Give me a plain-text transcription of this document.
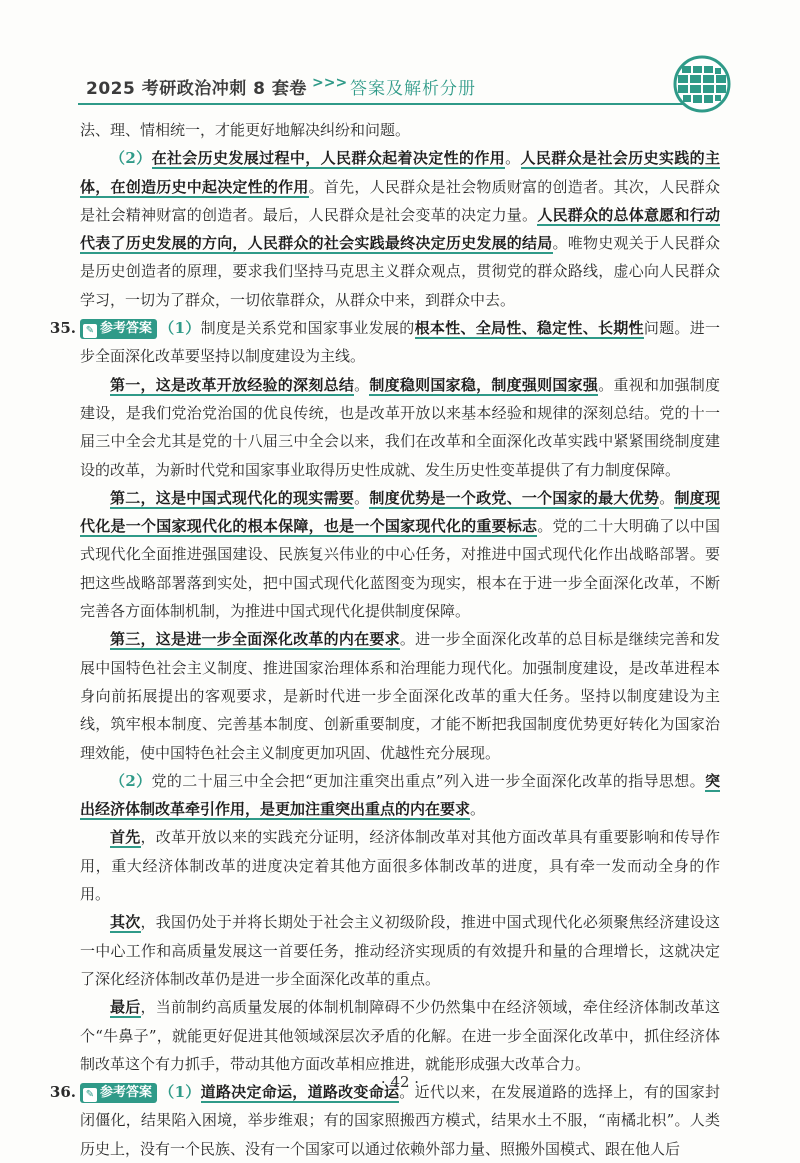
2025 考研政治冲刺 8 套卷 >>> 答案及解析分册

法、理、情相统一，才能更好地解决纠纷和问题。

（2）在社会历史发展过程中，人民群众起着决定性的作用。人民群众是社会历史实践的主体，在创造历史中起决定性的作用。首先，人民群众是社会物质财富的创造者。其次，人民群众是社会精神财富的创造者。最后，人民群众是社会变革的决定力量。人民群众的总体意愿和行动代表了历史发展的方向，人民群众的社会实践最终决定历史发展的结局。唯物史观关于人民群众是历史创造者的原理，要求我们坚持马克思主义群众观点，贯彻党的群众路线，虚心向人民群众学习，一切为了群众，一切依靠群众，从群众中来，到群众中去。

35. ✎ 参考答案 （1）制度是关系党和国家事业发展的根本性、全局性、稳定性、长期性问题。进一步全面深化改革要坚持以制度建设为主线。

第一，这是改革开放经验的深刻总结。制度稳则国家稳，制度强则国家强。重视和加强制度建设，是我们党治党治国的优良传统，也是改革开放以来基本经验和规律的深刻总结。党的十一届三中全会尤其是党的十八届三中全会以来，我们在改革和全面深化改革实践中紧紧围绕制度建设的改革，为新时代党和国家事业取得历史性成就、发生历史性变革提供了有力制度保障。

第二，这是中国式现代化的现实需要。制度优势是一个政党、一个国家的最大优势。制度现代化是一个国家现代化的根本保障，也是一个国家现代化的重要标志。党的二十大明确了以中国式现代化全面推进强国建设、民族复兴伟业的中心任务，对推进中国式现代化作出战略部署。要把这些战略部署落到实处，把中国式现代化蓝图变为现实，根本在于进一步全面深化改革，不断完善各方面体制机制，为推进中国式现代化提供制度保障。

第三，这是进一步全面深化改革的内在要求。进一步全面深化改革的总目标是继续完善和发展中国特色社会主义制度、推进国家治理体系和治理能力现代化。加强制度建设，是改革进程本身向前拓展提出的客观要求，是新时代进一步全面深化改革的重大任务。坚持以制度建设为主线，筑牢根本制度、完善基本制度、创新重要制度，才能不断把我国制度优势更好转化为国家治理效能，使中国特色社会主义制度更加巩固、优越性充分展现。

（2）党的二十届三中全会把“更加注重突出重点”列入进一步全面深化改革的指导思想。突出经济体制改革牵引作用，是更加注重突出重点的内在要求。

首先，改革开放以来的实践充分证明，经济体制改革对其他方面改革具有重要影响和传导作用，重大经济体制改革的进度决定着其他方面很多体制改革的进度，具有牵一发而动全身的作用。

其次，我国仍处于并将长期处于社会主义初级阶段，推进中国式现代化必须聚焦经济建设这一中心工作和高质量发展这一首要任务，推动经济实现质的有效提升和量的合理增长，这就决定了深化经济体制改革仍是进一步全面深化改革的重点。

最后，当前制约高质量发展的体制机制障碍不少仍然集中在经济领域，牵住经济体制改革这个“牛鼻子”，就能更好促进其他领域深层次矛盾的化解。在进一步全面深化改革中，抓住经济体制改革这个有力抓手，带动其他方面改革相应推进，就能形成强大改革合力。

36. ✎ 参考答案 （1）道路决定命运，道路改变命运。近代以来，在发展道路的选择上，有的国家封闭僵化，结果陷入困境，举步维艰；有的国家照搬西方模式，结果水土不服，“南橘北枳”。人类历史上，没有一个民族、没有一个国家可以通过依赖外部力量、照搬外国模式、跟在他人后

· 42 ·
